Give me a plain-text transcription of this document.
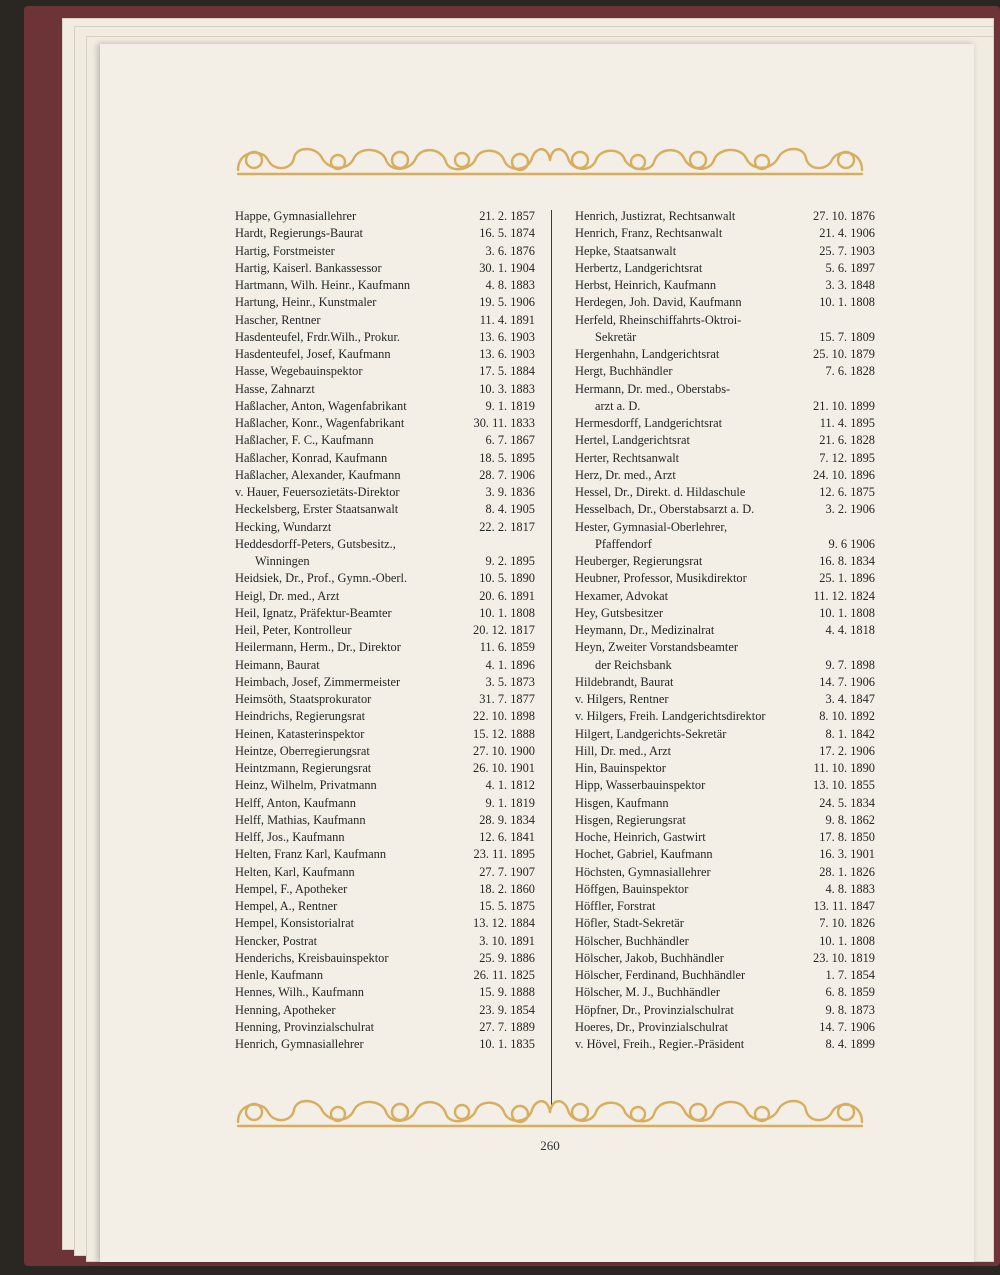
Happe, Gymnasiallehrer	21. 2. 1857
Hardt, Regierungs-Baurat	16. 5. 1874
Hartig, Forstmeister	3. 6. 1876
Hartig, Kaiserl. Bankassessor	30. 1. 1904
Hartmann, Wilh. Heinr., Kaufmann	4. 8. 1883
Hartung, Heinr., Kunstmaler	19. 5. 1906
Hascher, Rentner	11. 4. 1891
Hasdenteufel, Frdr.Wilh., Prokur.	13. 6. 1903
Hasdenteufel, Josef, Kaufmann	13. 6. 1903
Hasse, Wegebauinspektor	17. 5. 1884
Hasse, Zahnarzt	10. 3. 1883
Haßlacher, Anton, Wagenfabrikant	9. 1. 1819
Haßlacher, Konr., Wagenfabrikant	30. 11. 1833
Haßlacher, F. C., Kaufmann	6. 7. 1867
Haßlacher, Konrad, Kaufmann	18. 5. 1895
Haßlacher, Alexander, Kaufmann	28. 7. 1906
v. Hauer, Feuersozietäts-Direktor	3. 9. 1836
Heckelsberg, Erster Staatsanwalt	8. 4. 1905
Hecking, Wundarzt	22. 2. 1817
Heddesdorff-Peters, Gutsbesitz.,
Winningen	9. 2. 1895
Heidsiek, Dr., Prof., Gymn.-Oberl.	10. 5. 1890
Heigl, Dr. med., Arzt	20. 6. 1891
Heil, Ignatz, Präfektur-Beamter	10. 1. 1808
Heil, Peter, Kontrolleur	20. 12. 1817
Heilermann, Herm., Dr., Direktor	11. 6. 1859
Heimann, Baurat	4. 1. 1896
Heimbach, Josef, Zimmermeister	3. 5. 1873
Heimsöth, Staatsprokurator	31. 7. 1877
Heindrichs, Regierungsrat	22. 10. 1898
Heinen, Katasterinspektor	15. 12. 1888
Heintze, Oberregierungsrat	27. 10. 1900
Heintzmann, Regierungsrat	26. 10. 1901
Heinz, Wilhelm, Privatmann	4. 1. 1812
Helff, Anton, Kaufmann	9. 1. 1819
Helff, Mathias, Kaufmann	28. 9. 1834
Helff, Jos., Kaufmann	12. 6. 1841
Helten, Franz Karl, Kaufmann	23. 11. 1895
Helten, Karl, Kaufmann	27. 7. 1907
Hempel, F., Apotheker	18. 2. 1860
Hempel, A., Rentner	15. 5. 1875
Hempel, Konsistorialrat	13. 12. 1884
Hencker, Postrat	3. 10. 1891
Henderichs, Kreisbauinspektor	25. 9. 1886
Henle, Kaufmann	26. 11. 1825
Hennes, Wilh., Kaufmann	15. 9. 1888
Henning, Apotheker	23. 9. 1854
Henning, Provinzialschulrat	27. 7. 1889
Henrich, Gymnasiallehrer	10. 1. 1835
Henrich, Justizrat, Rechtsanwalt	27. 10. 1876
Henrich, Franz, Rechtsanwalt	21. 4. 1906
Hepke, Staatsanwalt	25. 7. 1903
Herbertz, Landgerichtsrat	5. 6. 1897
Herbst, Heinrich, Kaufmann	3. 3. 1848
Herdegen, Joh. David, Kaufmann	10. 1. 1808
Herfeld, Rheinschiffahrts-Oktroi-
Sekretär	15. 7. 1809
Hergenhahn, Landgerichtsrat	25. 10. 1879
Hergt, Buchhändler	7. 6. 1828
Hermann, Dr. med., Oberstabs-
arzt a. D.	21. 10. 1899
Hermesdorff, Landgerichtsrat	11. 4. 1895
Hertel, Landgerichtsrat	21. 6. 1828
Herter, Rechtsanwalt	7. 12. 1895
Herz, Dr. med., Arzt	24. 10. 1896
Hessel, Dr., Direkt. d. Hildaschule	12. 6. 1875
Hesselbach, Dr., Oberstabsarzt a. D.	3. 2. 1906
Hester, Gymnasial-Oberlehrer,
Pfaffendorf	9. 6 1906
Heuberger, Regierungsrat	16. 8. 1834
Heubner, Professor, Musikdirektor	25. 1. 1896
Hexamer, Advokat	11. 12. 1824
Hey, Gutsbesitzer	10. 1. 1808
Heymann, Dr., Medizinalrat	4. 4. 1818
Heyn, Zweiter Vorstandsbeamter
der Reichsbank	9. 7. 1898
Hildebrandt, Baurat	14. 7. 1906
v. Hilgers, Rentner	3. 4. 1847
v. Hilgers, Freih. Landgerichtsdirektor	8. 10. 1892
Hilgert, Landgerichts-Sekretär	8. 1. 1842
Hill, Dr. med., Arzt	17. 2. 1906
Hin, Bauinspektor	11. 10. 1890
Hipp, Wasserbauinspektor	13. 10. 1855
Hisgen, Kaufmann	24. 5. 1834
Hisgen, Regierungsrat	9. 8. 1862
Hoche, Heinrich, Gastwirt	17. 8. 1850
Hochet, Gabriel, Kaufmann	16. 3. 1901
Höchsten, Gymnasiallehrer	28. 1. 1826
Höffgen, Bauinspektor	4. 8. 1883
Höffler, Forstrat	13. 11. 1847
Höfler, Stadt-Sekretär	7. 10. 1826
Hölscher, Buchhändler	10. 1. 1808
Hölscher, Jakob, Buchhändler	23. 10. 1819
Hölscher, Ferdinand, Buchhändler	1. 7. 1854
Hölscher, M. J., Buchhändler	6. 8. 1859
Höpfner, Dr., Provinzialschulrat	9. 8. 1873
Hoeres, Dr., Provinzialschulrat	14. 7. 1906
v. Hövel, Freih., Regier.-Präsident	8. 4. 1899
260
